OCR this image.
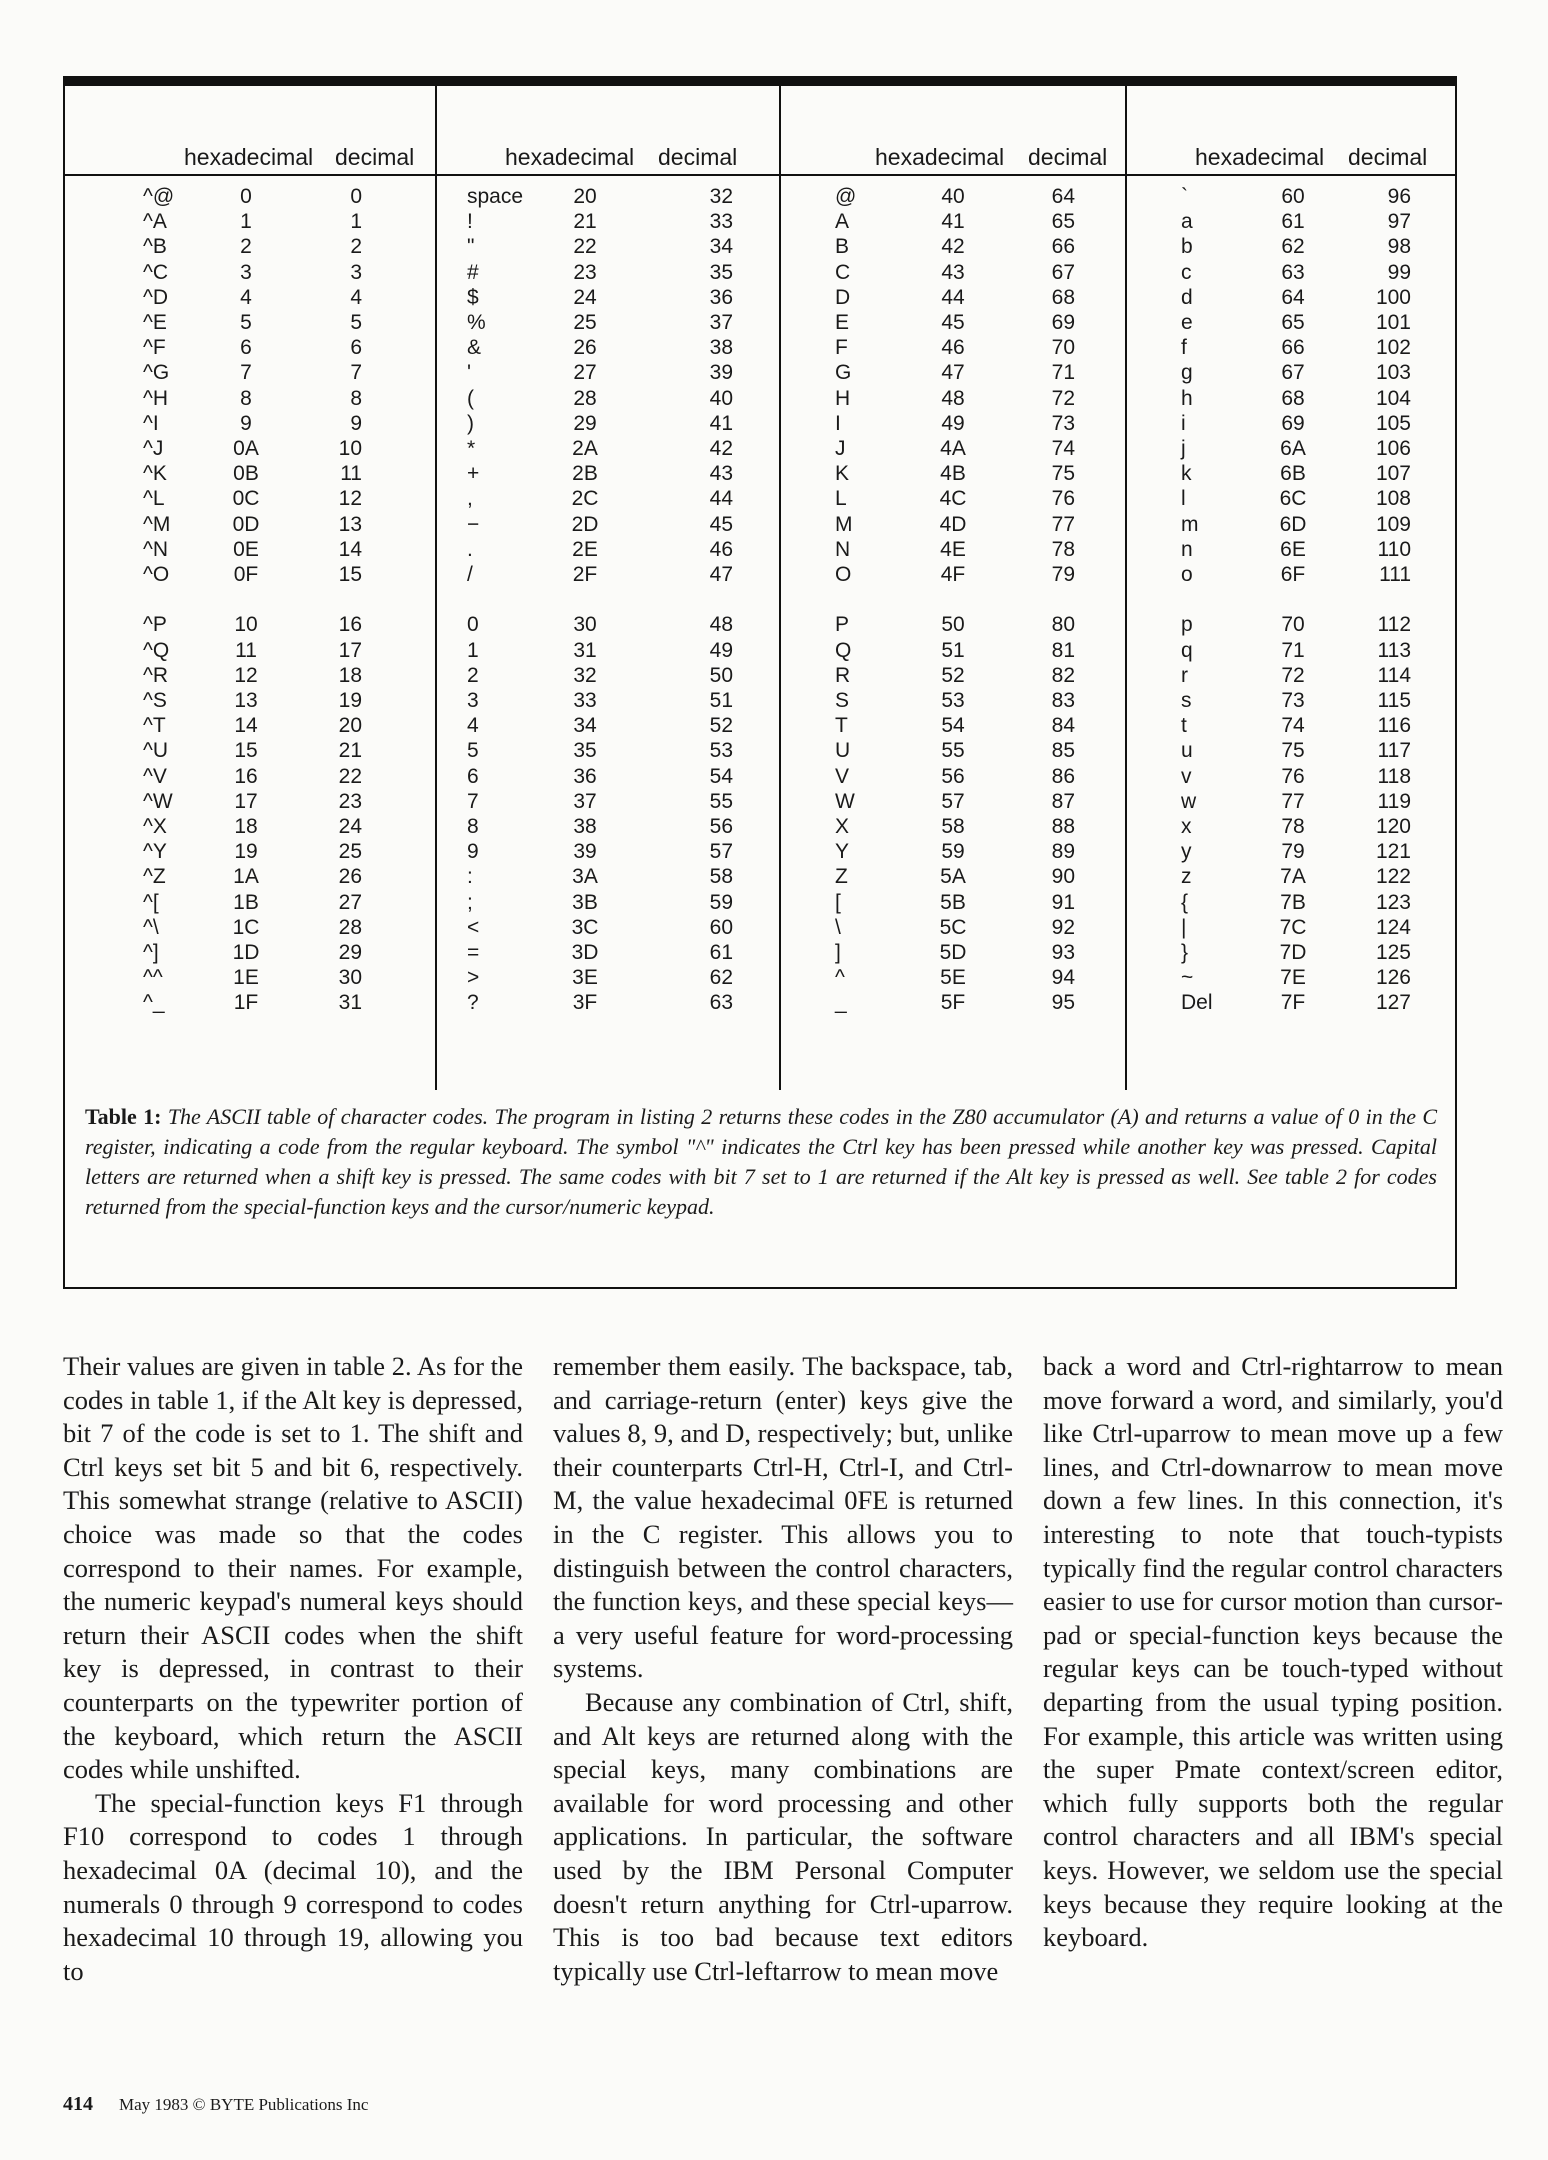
hexadecimal decimal	hexadecimal decimal	hexadecimal decimal	hexadecimal decimal
^@	0	0	space 20	32	@	40	64	`	60	96
^A	1	1	!	21	33	A	41	65	a	61	97
^B	2	2	"	22	34	B	42	66	b	62	98
^C	3	3	#	23	35	C	43	67	c	63	99
^D	4	4	$	24	36	D	44	68	d	64	100
^E	5	5	%	25	37	E	45	69	e	65	101
^F	6	6	&	26	38	F	46	70	f	66	102
^G	7	7	'	27	39	G	47	71	g	67	103
^H	8	8	(	28	40	H	48	72	h	68	104
^I	9	9	)	29	41	I	49	73	i	69	105
^J	0A	10	*	2A	42	J	4A	74	j	6A	106
^K	0B	11	+	2B	43	K	4B	75	k	6B	107
^L	0C	12	,	2C	44	L	4C	76	l	6C	108
^M	0D	13	−	2D	45	M	4D	77	m	6D	109
^N	0E	14	.	2E	46	N	4E	78	n	6E	110
^O	0F	15	/	2F	47	O	4F	79	o	6F	111
^P	10	16	0	30	48	P	50	80	p	70	112
^Q	11	17	1	31	49	Q	51	81	q	71	113
^R	12	18	2	32	50	R	52	82	r	72	114
^S	13	19	3	33	51	S	53	83	s	73	115
^T	14	20	4	34	52	T	54	84	t	74	116
^U	15	21	5	35	53	U	55	85	u	75	117
^V	16	22	6	36	54	V	56	86	v	76	118
^W	17	23	7	37	55	W	57	87	w	77	119
^X	18	24	8	38	56	X	58	88	x	78	120
^Y	19	25	9	39	57	Y	59	89	y	79	121
^Z	1A	26	:	3A	58	Z	5A	90	z	7A	122
^[	1B	27	;	3B	59	[	5B	91	{	7B	123
^\	1C	28	<	3C	60	\	5C	92	|	7C	124
^]	1D	29	=	3D	61	]	5D	93	}	7D	125
^^	1E	30	>	3E	62	^	5E	94	~	7E	126
^_	1F	31	?	3F	63	_	5F	95	Del	7F	127
Table 1: The ASCII table of character codes. The program in listing 2 returns these codes in the Z80 accumulator (A) and returns a value of 0 in the C register, indicating a code from the regular keyboard. The symbol "^" indicates the Ctrl key has been pressed while another key was pressed. Capital letters are returned when a shift key is pressed. The same codes with bit 7 set to 1 are returned if the Alt key is pressed as well. See table 2 for codes returned from the special-function keys and the cursor/numeric keypad.

Their values are given in table 2. As for the codes in table 1, if the Alt key is depressed, bit 7 of the code is set to 1. The shift and Ctrl keys set bit 5 and bit 6, respectively. This somewhat strange (relative to ASCII) choice was made so that the codes correspond to their names. For example, the numeric keypad's numeral keys should return their ASCII codes when the shift key is depressed, in contrast to their counterparts on the typewriter portion of the keyboard, which return the ASCII codes while unshifted.

The special-function keys F1 through F10 correspond to codes 1 through hexadecimal 0A (decimal 10), and the numerals 0 through 9 correspond to codes hexadecimal 10 through 19, allowing you to

remember them easily. The backspace, tab, and carriage-return (enter) keys give the values 8, 9, and D, respectively; but, unlike their counterparts Ctrl-H, Ctrl-I, and Ctrl-M, the value hexadecimal 0FE is returned in the C register. This allows you to distinguish between the control characters, the function keys, and these special keys—a very useful feature for word-processing systems.

Because any combination of Ctrl, shift, and Alt keys are returned along with the special keys, many combinations are available for word processing and other applications. In particular, the software used by the IBM Personal Computer doesn't return anything for Ctrl-uparrow. This is too bad because text editors typically use Ctrl-leftarrow to mean move

back a word and Ctrl-rightarrow to mean move forward a word, and similarly, you'd like Ctrl-uparrow to mean move up a few lines, and Ctrl-downarrow to mean move down a few lines. In this connection, it's interesting to note that touch-typists typically find the regular control characters easier to use for cursor motion than cursor-pad or special-function keys because the regular keys can be touch-typed without departing from the usual typing position. For example, this article was written using the super Pmate context/screen editor, which fully supports both the regular control characters and all IBM's special keys. However, we seldom use the special keys because they require looking at the keyboard.

414 May 1983 © BYTE Publications Inc
